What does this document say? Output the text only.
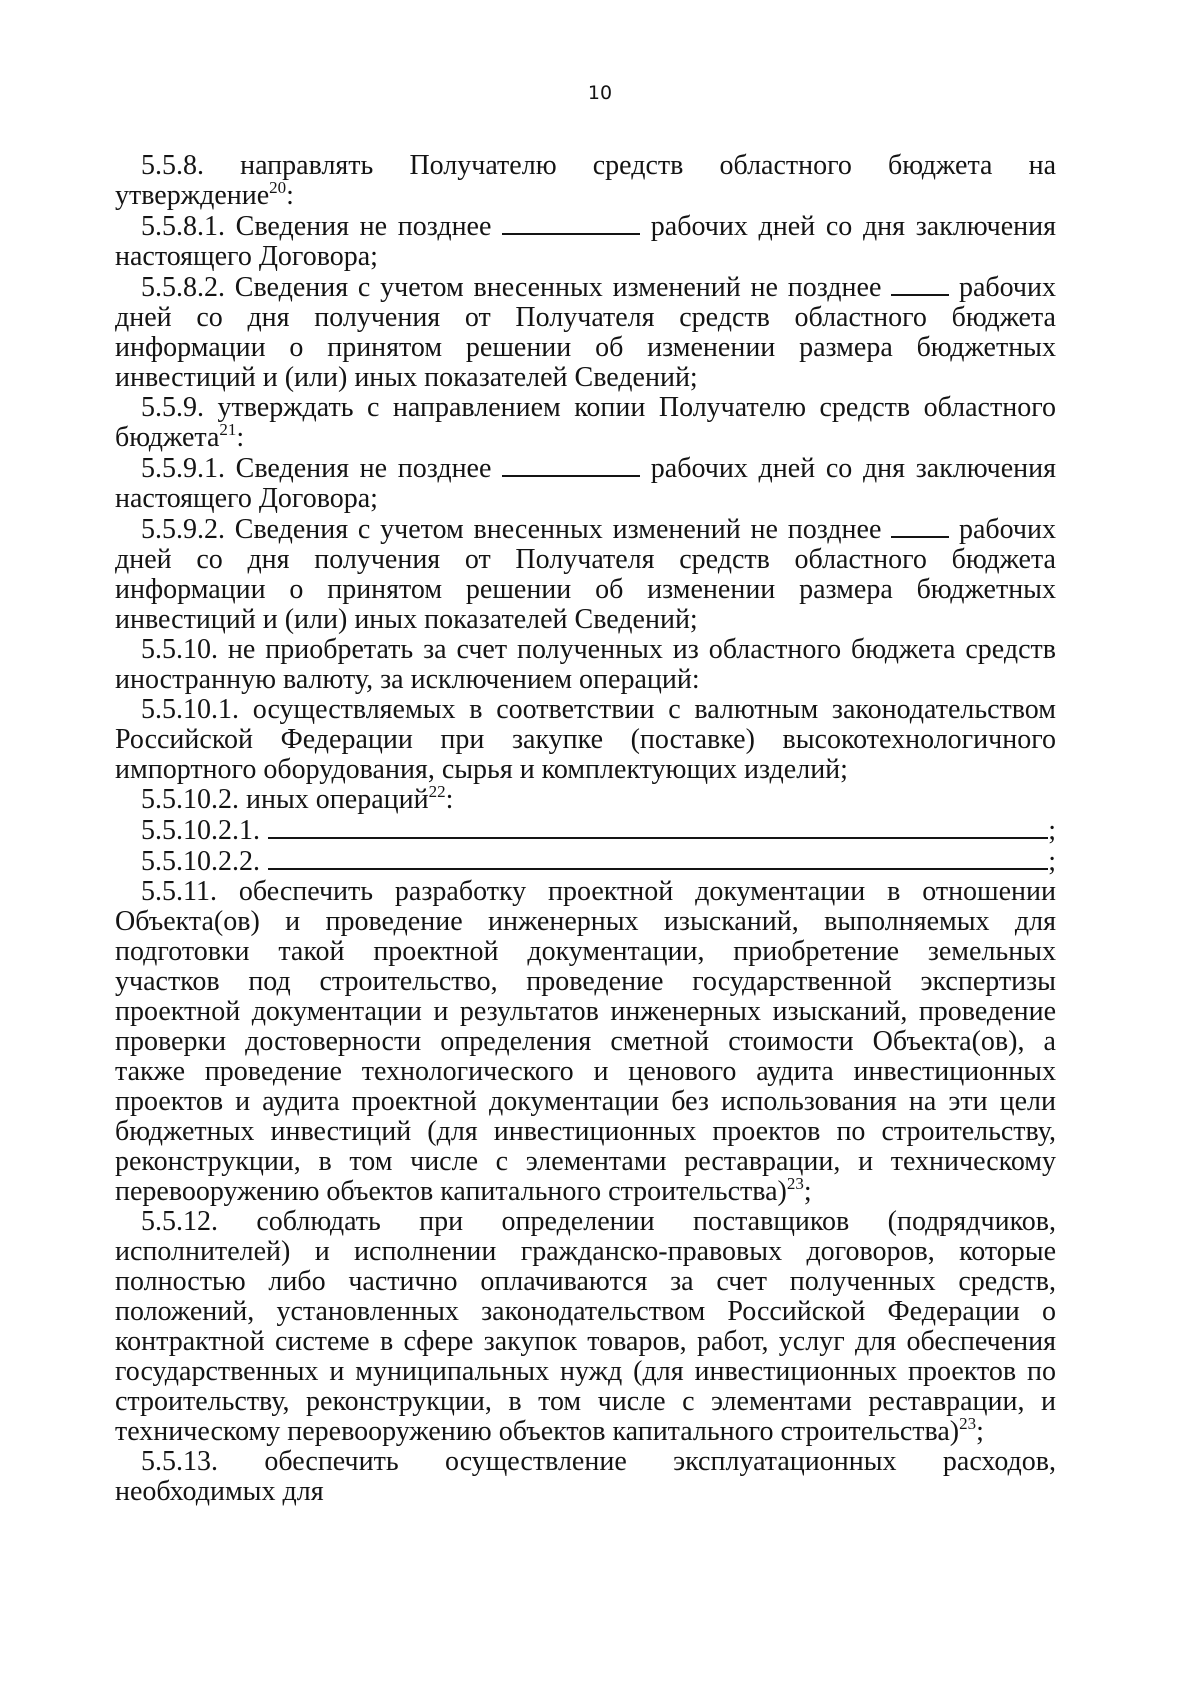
10

5.5.8. направлять Получателю средств областного бюджета на утверждение$^{20}$:

5.5.8.1. Сведения не позднее	рабочих дней со дня заключения настоящего Договора;

5.5.8.2. Сведения с учетом внесенных изменений не позднее	рабочих дней со дня получения от Получателя средств областного бюджета информации о принятом решении об изменении размера бюджетных инвестиций и (или) иных показателей Сведений;

5.5.9. утверждать с направлением копии Получателю средств областного бюджета$^{21}$:

5.5.9.1. Сведения не позднее	рабочих дней со дня заключения настоящего Договора;

5.5.9.2. Сведения с учетом внесенных изменений не позднее	рабочих дней со дня получения от Получателя средств областного бюджета информации о принятом решении об изменении размера бюджетных инвестиций и (или) иных показателей Сведений;

5.5.10. не приобретать за счет полученных из областного бюджета средств иностранную валюту, за исключением операций:

5.5.10.1. осуществляемых в соответствии с валютным законодательством Российской Федерации при закупке (поставке) высокотехнологичного импортного оборудования, сырья и комплектующих изделий;

5.5.10.2. иных операций$^{22}$:

5.5.10.2.1.	;
5.5.10.2.2.	;

5.5.11. обеспечить разработку проектной документации в отношении Объекта(ов) и проведение инженерных изысканий, выполняемых для подготовки такой проектной документации, приобретение земельных участков под строительство, проведение государственной экспертизы проектной документации и результатов инженерных изысканий, проведение проверки достоверности определения сметной стоимости Объекта(ов), а также проведение технологического и ценового аудита инвестиционных проектов и аудита проектной документации без использования на эти цели бюджетных инвестиций (для инвестиционных проектов по строительству, реконструкции, в том числе с элементами реставрации, и техническому перевооружению объектов капитального строительства)$^{23}$;

5.5.12. соблюдать при определении поставщиков (подрядчиков, исполнителей) и исполнении гражданско-правовых договоров, которые полностью либо частично оплачиваются за счет полученных средств, положений, установленных законодательством Российской Федерации о контрактной системе в сфере закупок товаров, работ, услуг для обеспечения государственных и муниципальных нужд (для инвестиционных проектов по строительству, реконструкции, в том числе с элементами реставрации, и техническому перевооружению объектов капитального строительства)$^{23}$;

5.5.13. обеспечить осуществление эксплуатационных расходов, необходимых для
